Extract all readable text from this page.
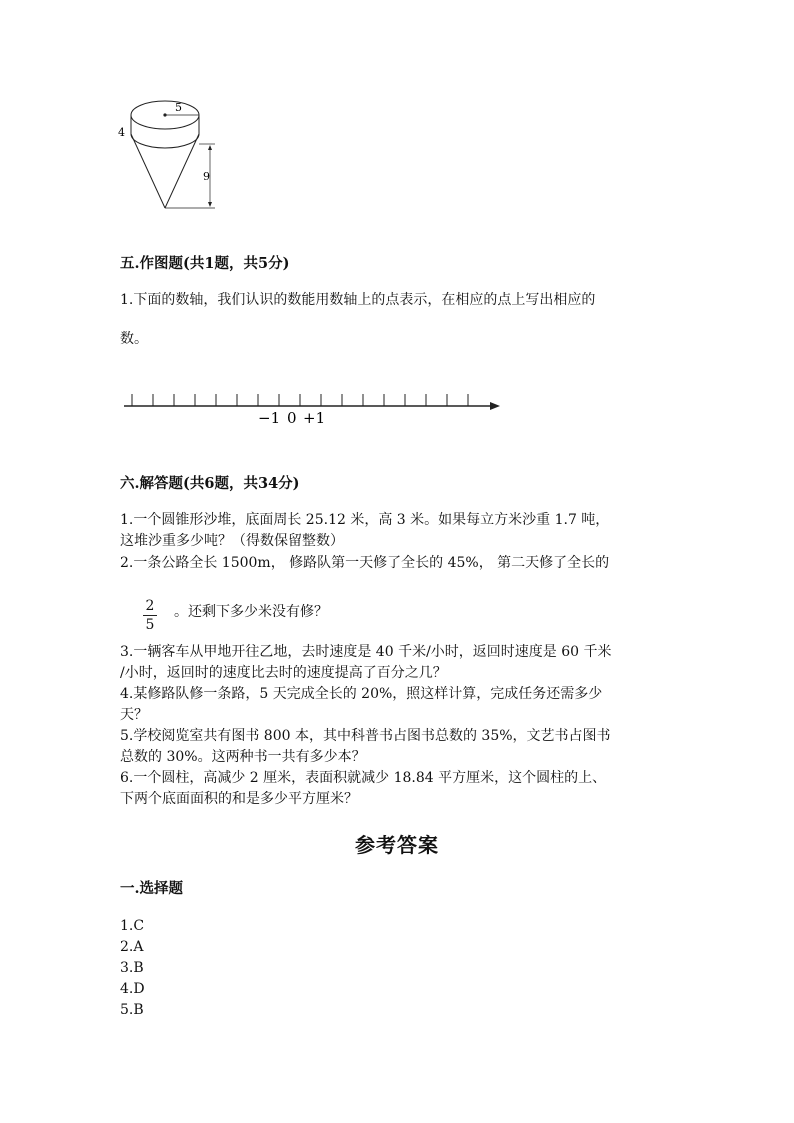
5
4
9
五.作图题(共1题，共5分)
1.下面的数轴，我们认识的数能用数轴上的点表示，在相应的点上写出相应的
数。
−1 0 +1
六.解答题(共6题，共34分)
1.一个圆锥形沙堆，底面周长 25.12 米，高 3 米。如果每立方米沙重 1.7 吨，
这堆沙重多少吨？（得数保留整数）
2.一条公路全长 1500m， 修路队第一天修了全长的 45%， 第二天修了全长的
2
5
。还剩下多少米没有修？
3.一辆客车从甲地开往乙地，去时速度是 40 千米/小时，返回时速度是 60 千米
/小时，返回时的速度比去时的速度提高了百分之几？
4.某修路队修一条路，5 天完成全长的 20%，照这样计算，完成任务还需多少
天？
5.学校阅览室共有图书 800 本，其中科普书占图书总数的 35%，文艺书占图书
总数的 30%。这两种书一共有多少本？
6.一个圆柱，高减少 2 厘米，表面积就减少 18.84 平方厘米，这个圆柱的上、
下两个底面面积的和是多少平方厘米？
参考答案
一.选择题
1.C
2.A
3.B
4.D
5.B
